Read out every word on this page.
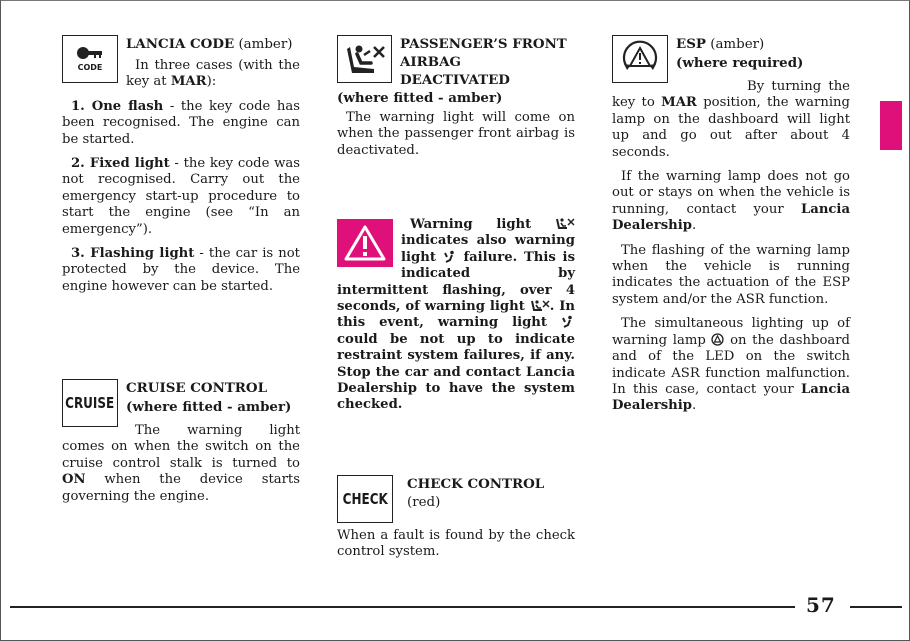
CODE
LANCIA CODE (amber)

In three cases (with the key at MAR):

1. One flash - the key code has been recognised. The engine can be started.

2. Fixed light - the key code was not recognised. Carry out the emergency start-up procedure to start the engine (see “In an emergency”).

3. Flashing light - the car is not protected by the device. The engine however can be started.

CRUISE
CRUISE CONTROL
(where fitted - amber)

The warning light comes on when the switch on the cruise control stalk is turned to ON when the device starts governing the engine.

PASSENGER’S FRONT
AIRBAG DEACTIVATED
(where fitted - amber)

The warning light will come on when the passenger front airbag is deactivated.

Warning light  indicates also warning light  failure. This is indicated by intermittent flashing, over 4 seconds, of warning light . In this event, warning light  could be not up to indicate restraint system failures, if any. Stop the car and contact Lancia Dealership to have the system checked.
CHECK
CHECK CONTROL (red)

When a fault is found by the check control system.

ESP (amber)
(where required)

By turning the key to MAR position, the warning lamp on the dashboard will light up and go out after about 4 seconds.

If the warning lamp does not go out or stays on when the vehicle is running, contact your Lancia Dealership.

The flashing of the warning lamp when the vehicle is running indicates the actuation of the ESP system and/or the ASR function.

The simultaneous lighting up of warning lamp  on the dashboard and of the LED on the switch indicate ASR function malfunction. In this case, contact your Lancia Dealership.

57
